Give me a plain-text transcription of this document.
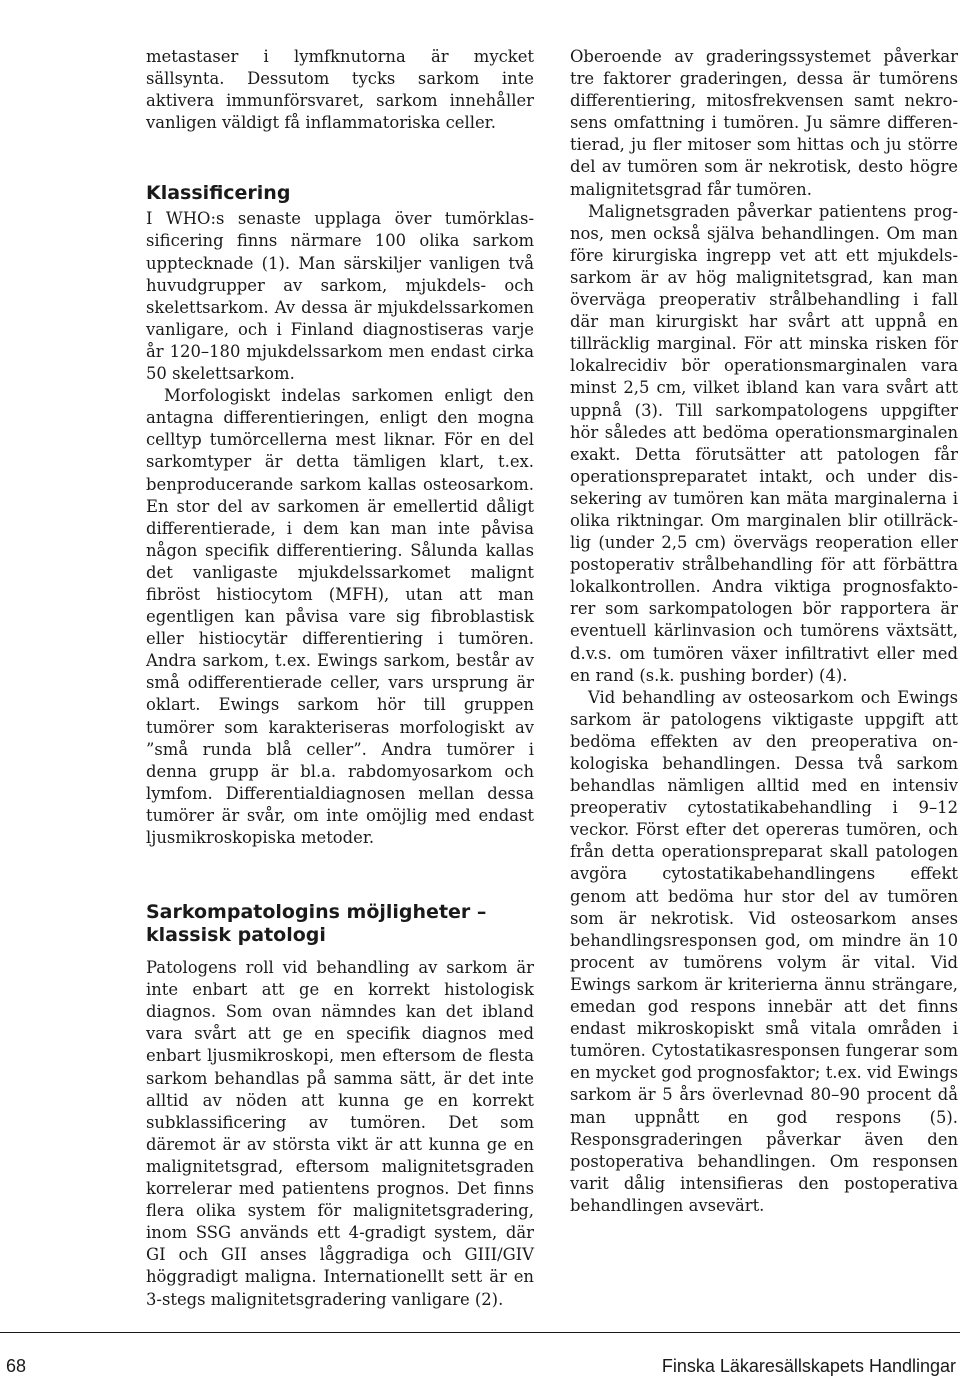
metastaser i lymfknutorna är mycket sällsynta. Dessutom tycks sarkom inte aktivera immunförsvaret, sarkom innehåller vanligen väldigt få inflammatoriska celler.

Klassificering

I WHO:s senaste upplaga över tumörklassificering finns närmare 100 olika sarkom upptecknade (1). Man särskiljer vanligen två huvudgrupper av sarkom, mjukdels- och skelettsarkom. Av dessa är mjukdelssarkomen vanligare, och i Finland diagnostiseras varje år 120–180 mjukdelssarkom men endast cirka 50 skelettsarkom.

Morfologiskt indelas sarkomen enligt den antagna differentieringen, enligt den mogna celltyp tumörcellerna mest liknar. För en del sarkomtyper är detta tämligen klart, t.ex. benproducerande sarkom kallas osteosarkom. En stor del av sarkomen är emellertid dåligt differentierade, i dem kan man inte påvisa någon specifik differentiering. Sålunda kallas det vanligaste mjukdelssarkomet malignt fibröst histiocytom (MFH), utan att man egentligen kan påvisa vare sig fibroblastisk eller histiocytär differentiering i tumören. Andra sarkom, t.ex. Ewings sarkom, består av små odifferentierade celler, vars ursprung är oklart. Ewings sarkom hör till gruppen tumörer som karakteriseras morfologiskt av ”små runda blå celler”. Andra tumörer i denna grupp är bl.a. rabdomyosarkom och lymfom. Differentialdiagnosen mellan dessa tumörer är svår, om inte omöjlig med endast ljusmikroskopiska metoder.

Sarkompatologins möjligheter – klassisk patologi

Patologens roll vid behandling av sarkom är inte enbart att ge en korrekt histologisk diagnos. Som ovan nämndes kan det ibland vara svårt att ge en specifik diagnos med enbart ljusmikroskopi, men eftersom de flesta sarkom behandlas på samma sätt, är det inte alltid av nöden att kunna ge en korrekt subklassificering av tumören. Det som däremot är av största vikt är att kunna ge en malignitetsgrad, eftersom malignitetsgraden korrelerar med patientens prognos. Det finns flera olika system för malignitetsgradering, inom SSG används ett 4-gradigt system, där GI och GII anses låggradiga och GIII/GIV höggradigt maligna. Internationellt sett är en 3-stegs malignitetsgradering vanligare (2).

Oberoende av graderingssystemet påverkar tre faktorer graderingen, dessa är tumörens differentiering, mitosfrekvensen samt nekrosens omfattning i tumören. Ju sämre differentierad, ju fler mitoser som hittas och ju större del av tumören som är nekrotisk, desto högre malignitetsgrad får tumören.

Malignetsgraden påverkar patientens prognos, men också själva behandlingen. Om man före kirurgiska ingrepp vet att ett mjukdelssarkom är av hög malignitetsgrad, kan man överväga preoperativ strålbehandling i fall där man kirurgiskt har svårt att uppnå en tillräcklig marginal. För att minska risken för lokalrecidiv bör operationsmarginalen vara minst 2,5 cm, vilket ibland kan vara svårt att uppnå (3). Till sarkompatologens uppgifter hör således att bedöma operationsmarginalen exakt. Detta förutsätter att patologen får operationspreparatet intakt, och under dissekering av tumören kan mäta marginalerna i olika riktningar. Om marginalen blir otillräcklig (under 2,5 cm) övervägs reoperation eller postoperativ strålbehandling för att förbättra lokalkontrollen. Andra viktiga prognosfaktorer som sarkompatologen bör rapportera är eventuell kärlinvasion och tumörens växtsätt, d.v.s. om tumören växer infiltrativt eller med en rand (s.k. pushing border) (4).

Vid behandling av osteosarkom och Ewings sarkom är patologens viktigaste uppgift att bedöma effekten av den preoperativa onkologiska behandlingen. Dessa två sarkom behandlas nämligen alltid med en intensiv preoperativ cytostatikabehandling i 9–12 veckor. Först efter det opereras tumören, och från detta operationspreparat skall patologen avgöra cytostatikabehandlingens effekt genom att bedöma hur stor del av tumören som är nekrotisk. Vid osteosarkom anses behandlingsresponsen god, om mindre än 10 procent av tumörens volym är vital. Vid Ewings sarkom är kriterierna ännu strängare, emedan god respons innebär att det finns endast mikroskopiskt små vitala områden i tumören. Cytostatikasresponsen fungerar som en mycket god prognosfaktor; t.ex. vid Ewings sarkom är 5 års överlevnad 80–90 procent då man uppnått en god respons (5). Responsgraderingen påverkar även den postoperativa behandlingen. Om responsen varit dålig intensifieras den postoperativa behandlingen avsevärt.

68	Finska Läkaresällskapets Handlingar
